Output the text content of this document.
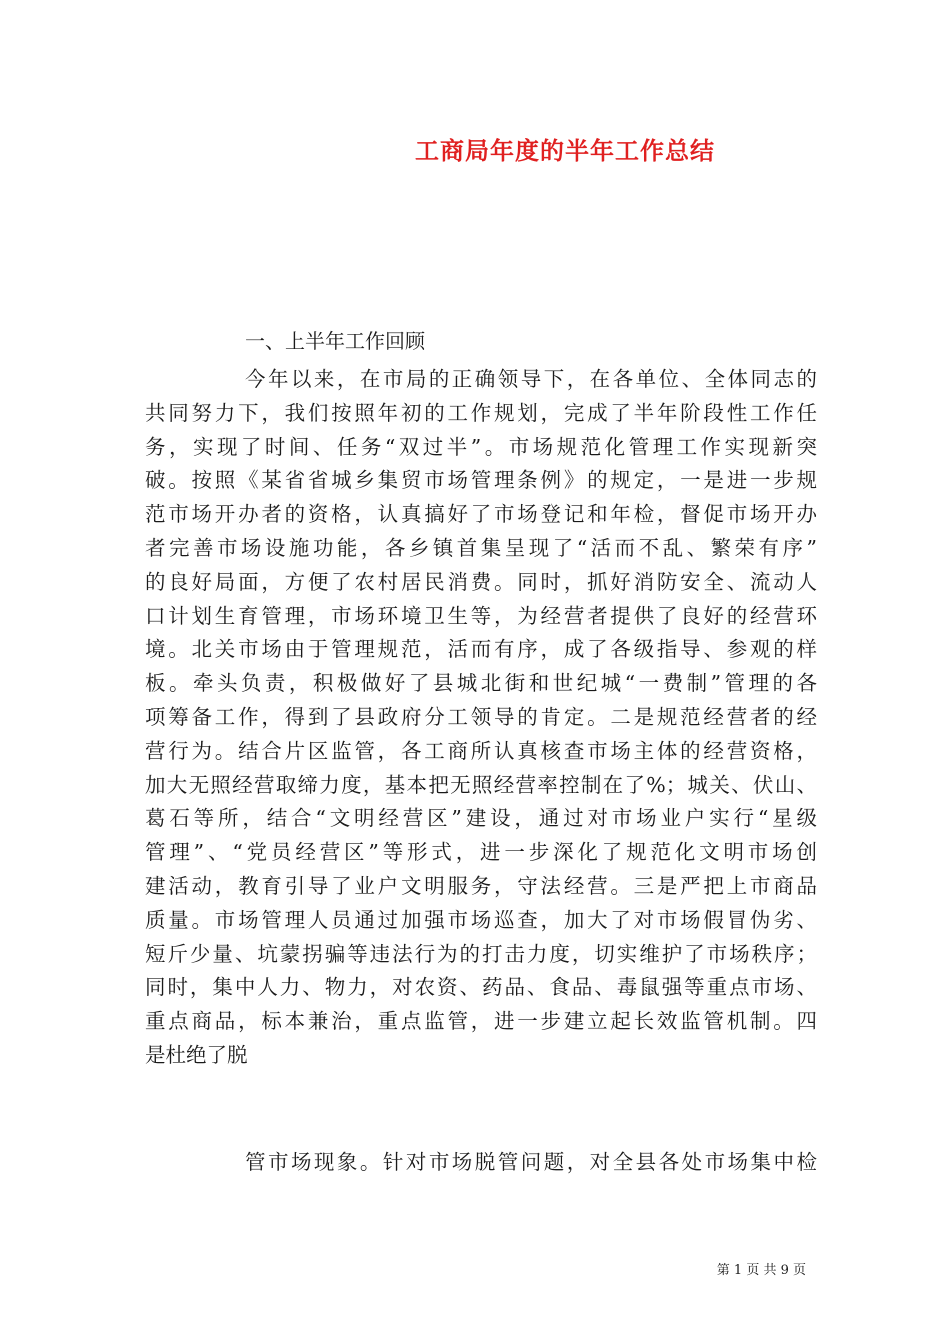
工商局年度的半年工作总结
一、上半年工作回顾
今年以来，在市局的正确领导下，在各单位、全体同志的
共同努力下，我们按照年初的工作规划，完成了半年阶段性工作任
务，实现了时间、任务“双过半”。市场规范化管理工作实现新突
破。按照《某省省城乡集贸市场管理条例》的规定，一是进一步规
范市场开办者的资格，认真搞好了市场登记和年检，督促市场开办
者完善市场设施功能，各乡镇首集呈现了“活而不乱、繁荣有序”
的良好局面，方便了农村居民消费。同时，抓好消防安全、流动人
口计划生育管理，市场环境卫生等，为经营者提供了良好的经营环
境。北关市场由于管理规范，活而有序，成了各级指导、参观的样
板。牵头负责，积极做好了县城北街和世纪城“一费制”管理的各
项筹备工作，得到了县政府分工领导的肯定。二是规范经营者的经
营行为。结合片区监管，各工商所认真核查市场主体的经营资格，
加大无照经营取缔力度，基本把无照经营率控制在了%；城关、伏山、
葛石等所，结合“文明经营区”建设，通过对市场业户实行“星级
管理”、“党员经营区”等形式，进一步深化了规范化文明市场创
建活动，教育引导了业户文明服务，守法经营。三是严把上市商品
质量。市场管理人员通过加强市场巡查，加大了对市场假冒伪劣、
短斤少量、坑蒙拐骗等违法行为的打击力度，切实维护了市场秩序；
同时，集中人力、物力，对农资、药品、食品、毒鼠强等重点市场、
重点商品，标本兼治，重点监管，进一步建立起长效监管机制。四
是杜绝了脱
管市场现象。针对市场脱管问题，对全县各处市场集中检
第 1 页 共 9 页
